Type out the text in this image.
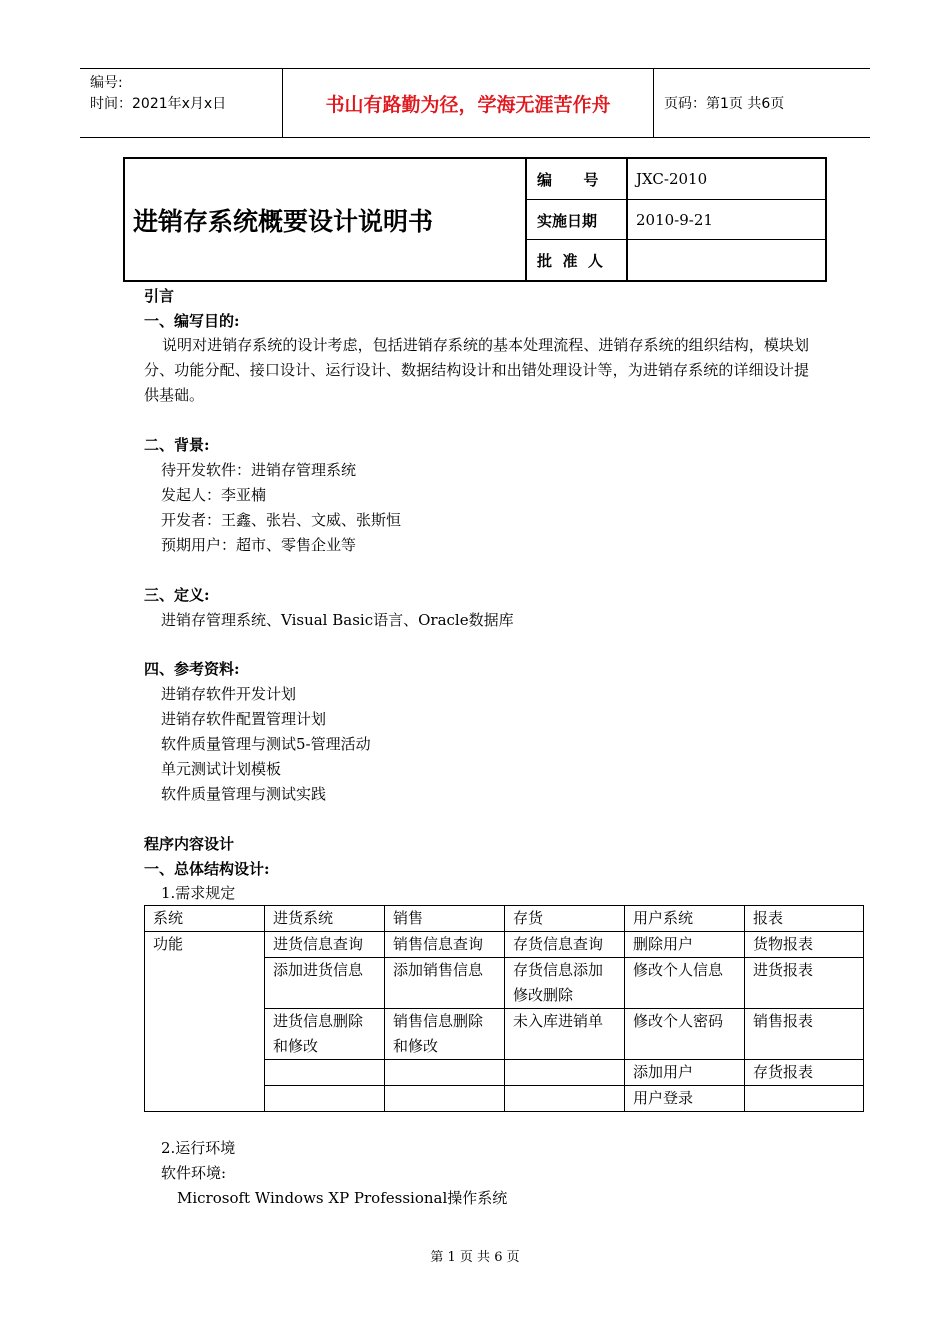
编号:
时间：2021年x月x日	书山有路勤为径，学海无涯苦作舟	页码：第1页 共6页
进销存系统概要设计说明书
编      号	JXC-2010
实施日期	2010-9-21
批  准  人
引言
一、编写目的:
说明对进销存系统的设计考虑，包括进销存系统的基本处理流程、进销存系统的组织结构，模块划分、功能分配、接口设计、运行设计、数据结构设计和出错处理设计等，为进销存系统的详细设计提供基础。
二、背景:
待开发软件：进销存管理系统
发起人：李亚楠
开发者：王鑫、张岩、文威、张斯恒
预期用户：超市、零售企业等
三、定义:
进销存管理系统、Visual Basic语言、Oracle数据库
四、参考资料:
进销存软件开发计划
进销存软件配置管理计划
软件质量管理与测试5-管理活动
单元测试计划模板
软件质量管理与测试实践
程序内容设计
一、总体结构设计:
1.需求规定
系统	进货系统	销售	存货	用户系统	报表
功能	进货信息查询	销售信息查询	存货信息查询	删除用户	货物报表
	添加进货信息	添加销售信息	存货信息添加修改删除	修改个人信息	进货报表
	进货信息删除和修改	销售信息删除和修改	未入库进销单	修改个人密码	销售报表
				添加用户	存货报表
				用户登录	
2.运行环境
软件环境:
Microsoft Windows XP Professional操作系统
第 1 页 共 6 页
